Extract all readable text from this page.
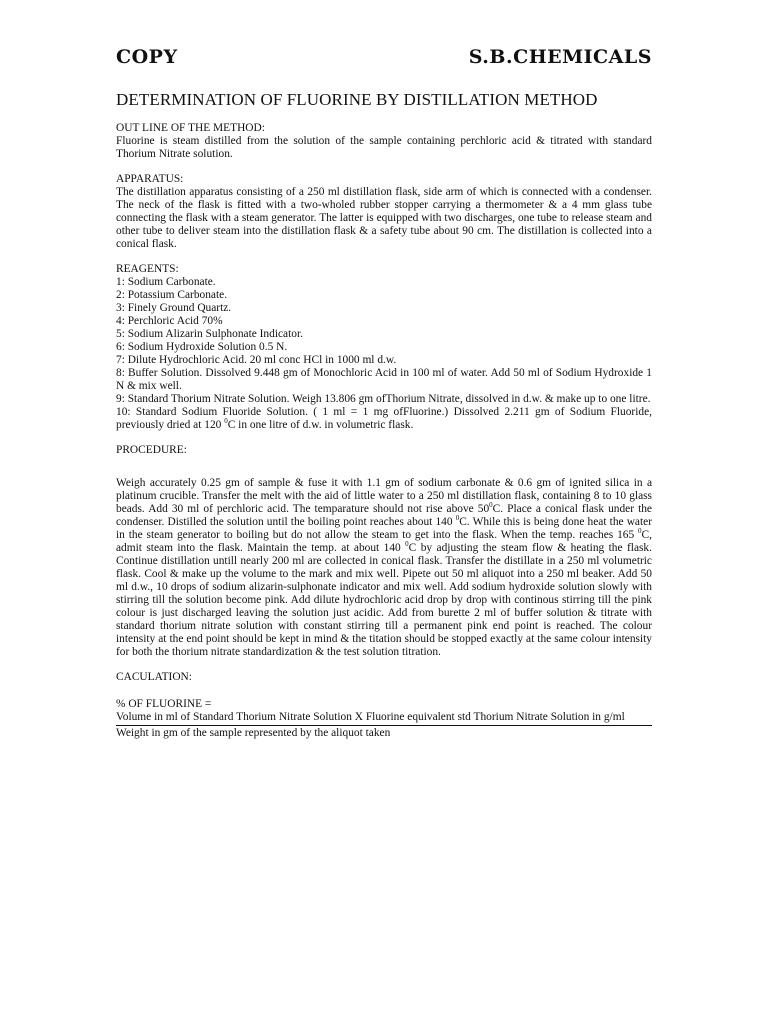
COPY	S.B.CHEMICALS
DETERMINATION OF FLUORINE BY DISTILLATION METHOD
OUT LINE OF THE METHOD:
Fluorine is steam distilled from the solution of the sample containing perchloric acid & titrated with standard Thorium Nitrate solution.
APPARATUS:
The distillation apparatus consisting of a 250 ml distillation flask, side arm of which is connected with a condenser. The neck of the flask is fitted with a two-wholed rubber stopper carrying a thermometer & a 4 mm glass tube connecting the flask with a steam generator. The latter is equipped with two discharges, one tube to release steam and other tube to deliver steam into the distillation flask & a safety tube about 90 cm. The distillation is collected into a conical flask.
REAGENTS:
1: Sodium Carbonate.
2: Potassium Carbonate.
3: Finely Ground Quartz.
4: Perchloric Acid 70%
5: Sodium Alizarin Sulphonate Indicator.
6: Sodium Hydroxide Solution 0.5 N.
7: Dilute Hydrochloric Acid. 20 ml conc HCl in 1000 ml d.w.
8: Buffer Solution. Dissolved 9.448 gm of Monochloric Acid in 100 ml of water. Add 50 ml of Sodium Hydroxide 1 N & mix well.
9: Standard Thorium Nitrate Solution. Weigh 13.806 gm ofThorium Nitrate, dissolved in d.w. & make up to one litre.
10: Standard Sodium Fluoride Solution. ( 1 ml = 1 mg ofFluorine.) Dissolved 2.211 gm of Sodium Fluoride, previously dried at 120 $^0$C in one litre of d.w. in volumetric flask.
PROCEDURE:
Weigh accurately 0.25 gm of sample & fuse it with 1.1 gm of sodium carbonate & 0.6 gm of ignited silica in a platinum crucible. Transfer the melt with the aid of little water to a 250 ml distillation flask, containing 8 to 10 glass beads. Add 30 ml of perchloric acid. The temparature should not rise above $50^0C$. Place a conical flask under the condenser. Distilled the solution until the boiling point reaches about 140 $^0$C. While this is being done heat the water in the steam generator to boiling but do not allow the steam to get into the flask. When the temp. reaches 165 $^0$C, admit steam into the flask. Maintain the temp. at about 140 $^0$C by adjusting the steam flow & heating the flask. Continue distillation untill nearly 200 ml are collected in conical flask. Transfer the distillate in a 250 ml volumetric flask. Cool & make up the volume to the mark and mix well. Pipete out 50 ml aliquot into a 250 ml beaker. Add 50 ml d.w., 10 drops of sodium alizarin-sulphonate indicator and mix well. Add sodium hydroxide solution slowly with stirring till the solution become pink. Add dilute hydrochloric acid drop by drop with continous stirring till the pink colour is just discharged leaving the solution just acidic. Add from burette 2 ml of buffer solution & titrate with standard thorium nitrate solution with constant stirring till a permanent pink end point is reached. The colour intensity at the end point should be kept in mind & the titation should be stopped exactly at the same colour intensity for both the thorium nitrate standardization & the test solution titration.
CACULATION:
% OF FLUORINE =
Volume in ml of Standard Thorium Nitrate Solution X Fluorine equivalent std Thorium Nitrate Solution in g/ml
Weight in gm of the sample represented by the aliquot taken
